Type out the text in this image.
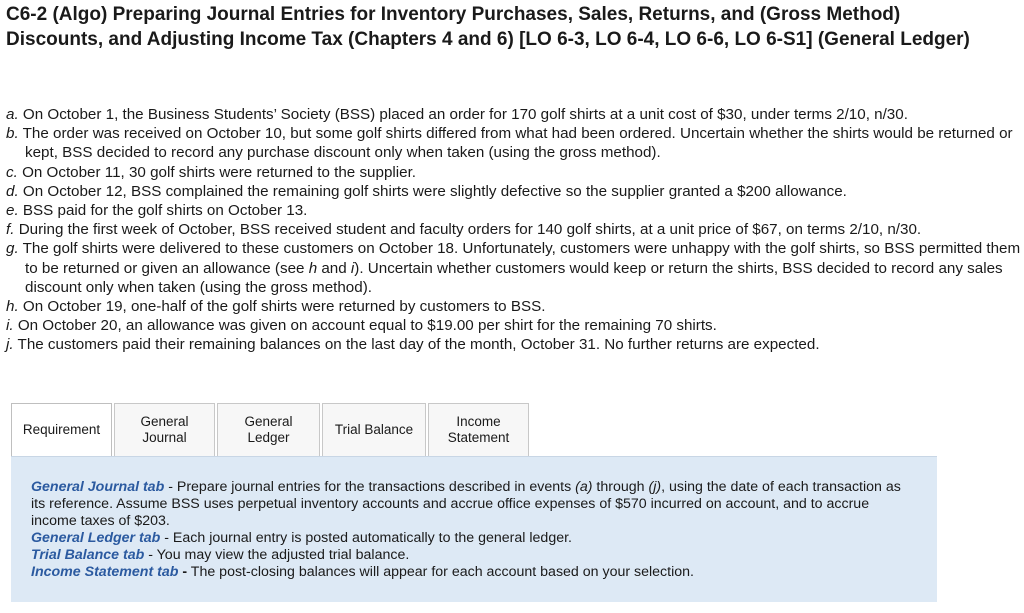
C6-2 (Algo) Preparing Journal Entries for Inventory Purchases, Sales, Returns, and (Gross Method) Discounts, and Adjusting Income Tax (Chapters 4 and 6) [LO 6-3, LO 6-4, LO 6-6, LO 6-S1] (General Ledger)
a. On October 1, the Business Students’ Society (BSS) placed an order for 170 golf shirts at a unit cost of $30, under terms 2/10, n/30.
b. The order was received on October 10, but some golf shirts differed from what had been ordered. Uncertain whether the shirts would be returned or kept, BSS decided to record any purchase discount only when taken (using the gross method).
c. On October 11, 30 golf shirts were returned to the supplier.
d. On October 12, BSS complained the remaining golf shirts were slightly defective so the supplier granted a $200 allowance.
e. BSS paid for the golf shirts on October 13.
f. During the first week of October, BSS received student and faculty orders for 140 golf shirts, at a unit price of $67, on terms 2/10, n/30.
g. The golf shirts were delivered to these customers on October 18. Unfortunately, customers were unhappy with the golf shirts, so BSS permitted them to be returned or given an allowance (see h and i). Uncertain whether customers would keep or return the shirts, BSS decided to record any sales discount only when taken (using the gross method).
h. On October 19, one-half of the golf shirts were returned by customers to BSS.
i. On October 20, an allowance was given on account equal to $19.00 per shirt for the remaining 70 shirts.
j. The customers paid their remaining balances on the last day of the month, October 31. No further returns are expected.
Requirement
General
Journal
General
Ledger
Trial Balance
Income
Statement

General Journal tab - Prepare journal entries for the transactions described in events (a) through (j), using the date of each transaction as its reference. Assume BSS uses perpetual inventory accounts and accrue office expenses of $570 incurred on account, and to accrue income taxes of $203.

General Ledger tab - Each journal entry is posted automatically to the general ledger.

Trial Balance tab - You may view the adjusted trial balance.

Income Statement tab - The post-closing balances will appear for each account based on your selection.
